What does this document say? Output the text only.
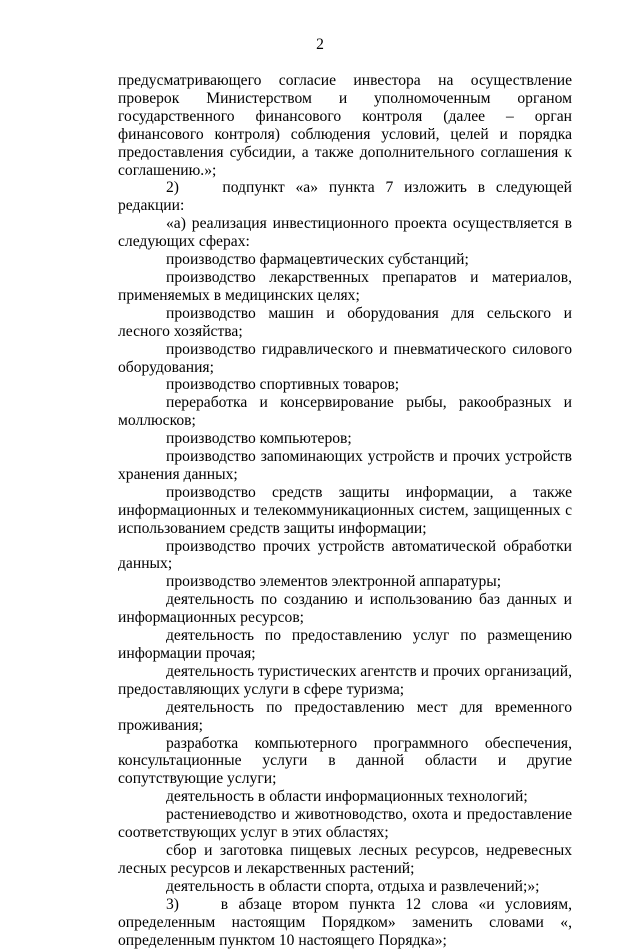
2

предусматривающего согласие инвестора на осуществление проверок Министерством и уполномоченным органом государственного финансового контроля (далее – орган финансового контроля) соблюдения условий, целей и порядка предоставления субсидии, а также дополнительного соглашения к соглашению.»;

2)    подпункт «а» пункта 7 изложить в следующей редакции:

«а) реализация инвестиционного проекта осуществляется в следующих сферах:

производство фармацевтических субстанций;

производство лекарственных препаратов и материалов, применяемых в медицинских целях;

производство машин и оборудования для сельского и лесного хозяйства;

производство гидравлического и пневматического силового оборудования;

производство спортивных товаров;

переработка и консервирование рыбы, ракообразных и моллюсков;

производство компьютеров;

производство запоминающих устройств и прочих устройств хранения данных;

производство средств защиты информации, а также информационных и телекоммуникационных систем, защищенных с использованием средств защиты информации;

производство прочих устройств автоматической обработки данных;

производство элементов электронной аппаратуры;

деятельность по созданию и использованию баз данных и информационных ресурсов;

деятельность по предоставлению услуг по размещению информации прочая;

деятельность туристических агентств и прочих организаций, предоставляющих услуги в сфере туризма;

деятельность по предоставлению мест для временного проживания;

разработка компьютерного программного обеспечения, консультационные услуги в данной области и другие сопутствующие услуги;

деятельность в области информационных технологий;

растениеводство и животноводство, охота и предоставление соответствующих услуг в этих областях;

сбор и заготовка пищевых лесных ресурсов, недревесных лесных ресурсов и лекарственных растений;

деятельность в области спорта, отдыха и развлечений;»;

3)    в абзаце втором пункта 12 слова «и условиям, определенным настоящим Порядком» заменить словами «, определенным пунктом 10 настоящего Порядка»;
